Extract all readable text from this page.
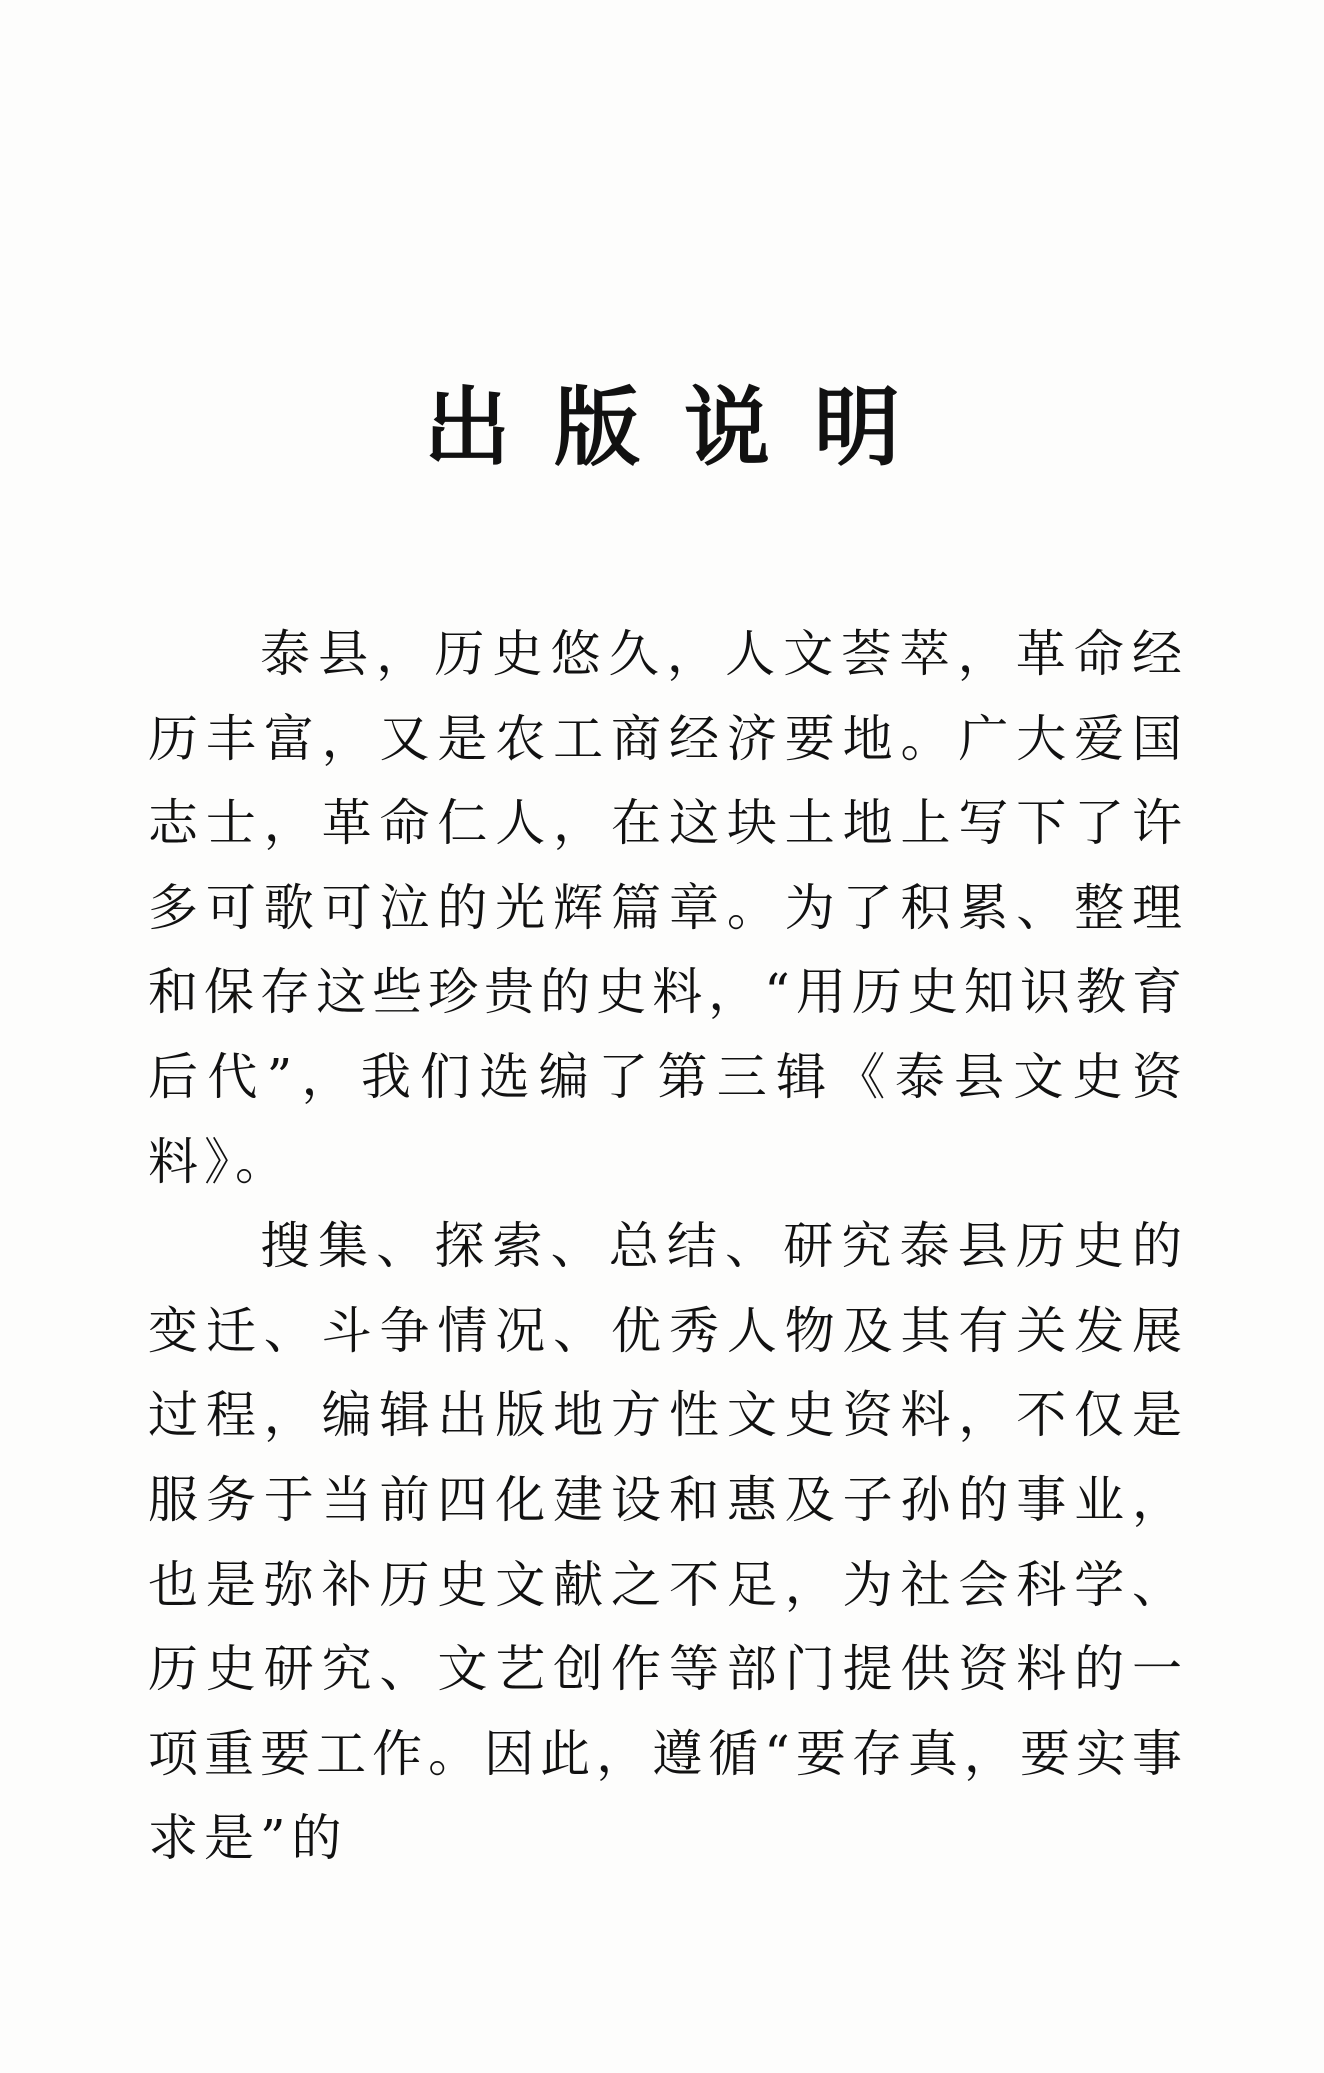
出版说明

泰县，历史悠久，人文荟萃，革命经历丰富，又是农工商经济要地。广大爱国志士，革命仁人，在这块土地上写下了许多可歌可泣的光辉篇章。为了积累、整理和保存这些珍贵的史料，“用历史知识教育后代”，我们选编了第三辑《泰县文史资料》。

搜集、探索、总结、研究泰县历史的变迁、斗争情况、优秀人物及其有关发展过程，编辑出版地方性文史资料，不仅是服务于当前四化建设和惠及子孙的事业，也是弥补历史文献之不足，为社会科学、历史研究、文艺创作等部门提供资料的一项重要工作。因此，遵循“要存真，要实事求是”的
